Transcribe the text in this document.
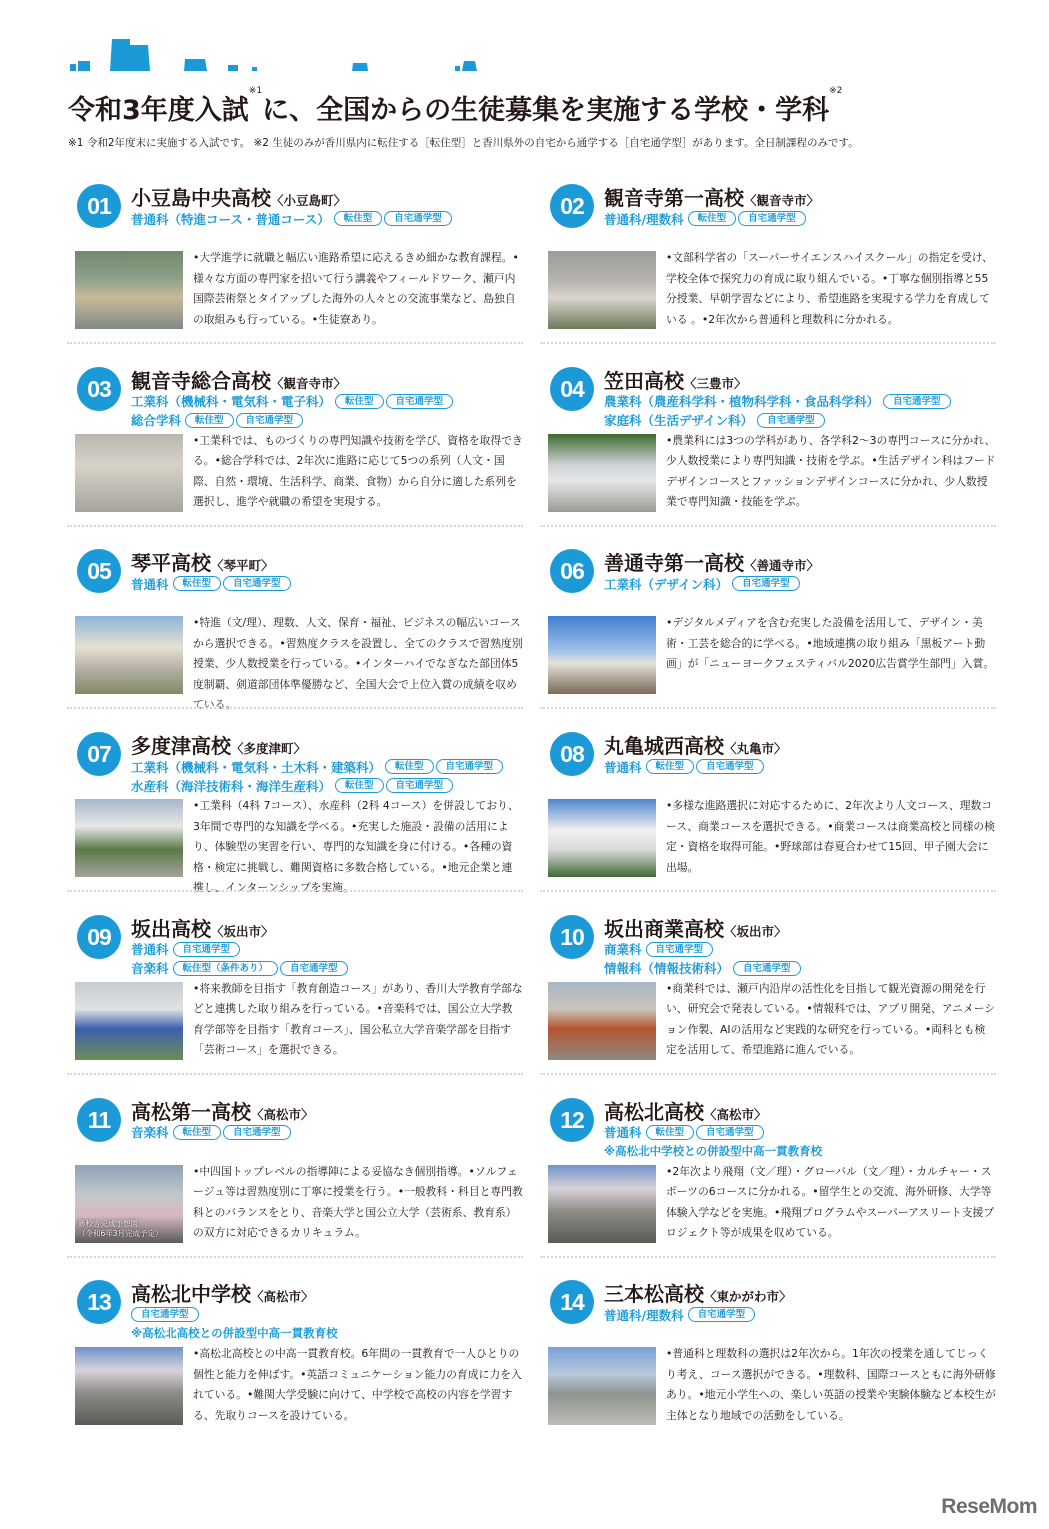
令和3年度入試$^{※1}$に、全国からの生徒募集を実施する学校・学科$^{※2}$
※1 令和2年度末に実施する入試です。 ※2 生徒のみが香川県内に転住する［転住型］と香川県外の自宅から通学する［自宅通学型］があります。全日制課程のみです。
01	小豆島中央高校〈小豆島町〉
普通科（特進コース・普通コース）	転住型	自宅通学型
•大学進学に就職と幅広い進路希望に応えるきめ細かな教育課程。•様々な方面の専門家を招いて行う講義やフィールドワーク、瀬戸内国際芸術祭とタイアップした海外の人々との交流事業など、島独自の取組みも行っている。•生徒寮あり。
02	観音寺第一高校〈観音寺市〉
普通科/理数科	転住型	自宅通学型
•文部科学省の「スーパーサイエンスハイスクール」の指定を受け、学校全体で探究力の育成に取り組んでいる。•丁寧な個別指導と55分授業、早朝学習などにより、希望進路を実現する学力を育成している 。•2年次から普通科と理数科に分かれる。
03	観音寺総合高校〈観音寺市〉
工業科（機械科・電気科・電子科）	転住型	自宅通学型
総合学科	転住型	自宅通学型
•工業科では、ものづくりの専門知識や技術を学び、資格を取得できる。•総合学科では、2年次に進路に応じて5つの系列（人文・国際、自然・環境、生活科学、商業、食物）から自分に適した系列を選択し、進学や就職の希望を実現する。
04	笠田高校〈三豊市〉
農業科（農産科学科・植物科学科・食品科学科）	自宅通学型
家庭科（生活デザイン科）	自宅通学型
•農業科には3つの学科があり、各学科2〜3の専門コースに分かれ、少人数授業により専門知識・技術を学ぶ。•生活デザイン科はフードデザインコースとファッションデザインコースに分かれ、少人数授業で専門知識・技能を学ぶ。
05	琴平高校〈琴平町〉
普通科	転住型	自宅通学型
•特進（文/理）、理数、人文、保育・福祉、ビジネスの幅広いコースから選択できる。•習熟度クラスを設置し、全てのクラスで習熟度別授業、少人数授業を行っている。•インターハイでなぎなた部団体5度制覇、剣道部団体準優勝など、全国大会で上位入賞の成績を収めている。
06	善通寺第一高校〈善通寺市〉
工業科（デザイン科）	自宅通学型
•デジタルメディアを含む充実した設備を活用して、デザイン・美術・工芸を総合的に学べる。•地域連携の取り組み「黒板アート動画」が「ニューヨークフェスティバル2020広告賞学生部門」入賞。
07	多度津高校〈多度津町〉
工業科（機械科・電気科・土木科・建築科）	転住型	自宅通学型
水産科（海洋技術科・海洋生産科）	転住型	自宅通学型
•工業科（4科 7コース）、水産科（2科 4コース）を併設しており、3年間で専門的な知識を学べる。•充実した施設・設備の活用により、体験型の実習を行い、専門的な知識を身に付ける。•各種の資格・検定に挑戦し、難関資格に多数合格している。•地元企業と連携し、インターンシップを実施。
08	丸亀城西高校〈丸亀市〉
普通科	転住型	自宅通学型
•多様な進路選択に対応するために、2年次より人文コース、理数コース、商業コースを選択できる。•商業コースは商業高校と同様の検定・資格を取得可能。•野球部は春夏合わせて15回、甲子園大会に出場。
09	坂出高校〈坂出市〉
普通科	自宅通学型
音楽科	転住型（条件あり）	自宅通学型
•将来教師を目指す「教育創造コース」があり、香川大学教育学部などと連携した取り組みを行っている。•音楽科では、国公立大学教育学部等を目指す「教育コース」、国公私立大学音楽学部を目指す「芸術コース」を選択できる。
10	坂出商業高校〈坂出市〉
商業科	自宅通学型
情報科（情報技術科）	自宅通学型
•商業科では、瀬戸内沿岸の活性化を目指して観光資源の開発を行い、研究会で発表している。•情報科では、アプリ開発、アニメーション作製、AIの活用など実践的な研究を行っている。•両科とも検定を活用して、希望進路に進んでいる。
11	高松第一高校〈高松市〉
音楽科	転住型	自宅通学型
新校舎完成予想図
（令和6年3月完成予定）
•中四国トップレベルの指導陣による妥協なき個別指導。•ソルフェージュ等は習熟度別に丁寧に授業を行う。•一般教科・科目と専門教科とのバランスをとり、音楽大学と国公立大学（芸術系、教育系）の双方に対応できるカリキュラム。
12	高松北高校〈高松市〉
普通科	転住型	自宅通学型
※高松北中学校との併設型中高一貫教育校
•2年次より飛翔（文／理）・グローバル（文／理）・カルチャー・スポーツの6コースに分かれる。•留学生との交流、海外研修、大学等体験入学などを実施。•飛翔プログラムやスーパーアスリート支援プロジェクト等が成果を収めている。
13	高松北中学校〈高松市〉
自宅通学型
※高松北高校との併設型中高一貫教育校
•高松北高校との中高一貫教育校。6年間の一貫教育で一人ひとりの個性と能力を伸ばす。•英語コミュニケーション能力の育成に力を入れている。•難関大学受験に向けて、中学校で高校の内容を学習する、先取りコースを設けている。
14	三本松高校〈東かがわ市〉
普通科/理数科	自宅通学型
•普通科と理数科の選択は2年次から。1年次の授業を通してじっくり考え、コース選択ができる。•理数科、国際コースともに海外研修あり。•地元小学生への、楽しい英語の授業や実験体験など本校生が主体となり地域での活動をしている。
ReseMom
